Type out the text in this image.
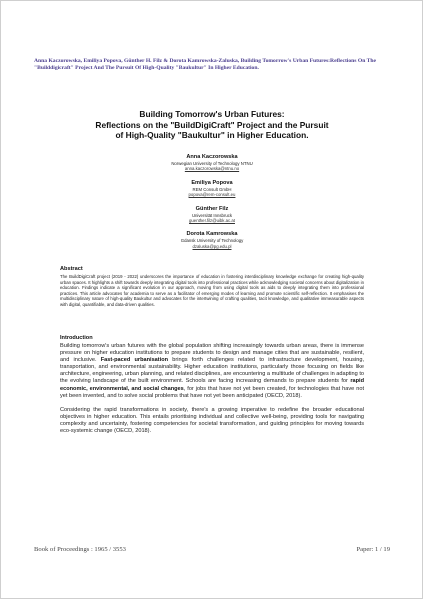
Anna Kaczorowska, Emiliya Popova, Günther H. Filz & Dorota Kamrowska-Zaluska, Building Tomorrow's Urban Futures:Reflections On The "Builddigicraft" Project And The Pursuit Of High-Quality "Baukultur" In Higher Education.
Building Tomorrow's Urban Futures:
Reflections on the "BuildDigiCraft" Project and the Pursuit
of High-Quality "Baukultur" in Higher Education.
Anna Kaczorowska
Norwegian University of Technology NTNU
anna.kaczorowska@ntnu.no
Emiliya Popova
REM Consult GmbH
popova@rem-consult.eu
Günther Filz
Universität Innsbruck
guenther.filz@uibk.ac.at
Dorota Kamrowska
Gdansk University of Technology
dzaluska@pg.edu.pl
Abstract
The BuildDigiCraft project (2019 - 2022) underscores the importance of education in fostering interdisciplinary knowledge exchange for creating high-quality urban spaces. It highlights a shift towards deeply integrating digital tools into professional practices while acknowledging societal concerns about digitalization in education. Findings indicate a significant evolution in our approach, moving from using digital tools as aids to deeply integrating them into professional practices. This article advocates for academia to serve as a facilitator of emerging modes of learning and promote scientific self-reflection. It emphasises the multidisciplinary nature of high-quality Baukultur and advocates for the intertwining of crafting qualities, tacit knowledge, and qualitative immeasurable aspects with digital, quantifiable, and data-driven qualities.
Introduction

Building tomorrow's urban futures with the global population shifting increasingly towards urban areas, there is immense pressure on higher education institutions to prepare students to design and manage cities that are sustainable, resilient, and inclusive. Fast-paced urbanisation brings forth challenges related to infrastructure development, housing, transportation, and environmental sustainability. Higher education institutions, particularly those focusing on fields like architecture, engineering, urban planning, and related disciplines, are encountering a multitude of challenges in adapting to the evolving landscape of the built environment. Schools are facing increasing demands to prepare students for rapid economic, environmental, and social changes, for jobs that have not yet been created, for technologies that have not yet been invented, and to solve social problems that have not yet been anticipated (OECD, 2018).

Considering the rapid transformations in society, there's a growing imperative to redefine the broader educational objectives in higher education. This entails prioritising individual and collective well-being, providing tools for navigating complexity and uncertainty, fostering competencies for societal transformation, and guiding principles for moving towards eco-systemic change (OECD, 2018).

Book of Proceedings : 1965 / 3553	Paper: 1 / 19
